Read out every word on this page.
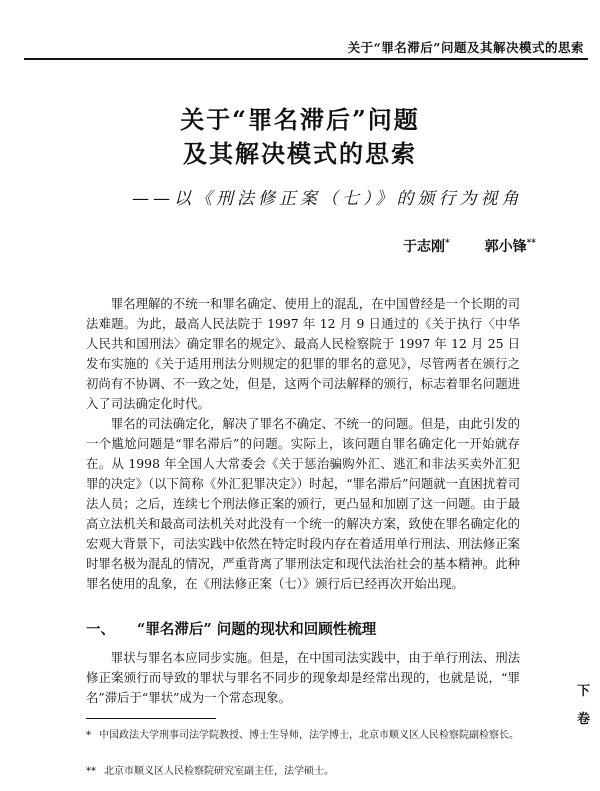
关于“罪名滞后”问题及其解决模式的思索
关于“罪名滞后”问题
及其解决模式的思索
——以《刑法修正案（七）》的颁行为视角
于志刚* 郭小锋**

罪名理解的不统一和罪名确定、使用上的混乱，在中国曾经是一个长期的司法难题。为此，最高人民法院于 1997 年 12 月 9 日通过的《关于执行〈中华人民共和国刑法〉确定罪名的规定》、最高人民检察院于 1997 年 12 月 25 日发布实施的《关于适用刑法分则规定的犯罪的罪名的意见》，尽管两者在颁行之初尚有不协调、不一致之处，但是，这两个司法解释的颁行，标志着罪名问题进入了司法确定化时代。

罪名的司法确定化，解决了罪名不确定、不统一的问题。但是，由此引发的一个尴尬问题是“罪名滞后”的问题。实际上，该问题自罪名确定化一开始就存在。从 1998 年全国人大常委会《关于惩治骗购外汇、逃汇和非法买卖外汇犯罪的决定》（以下简称《外汇犯罪决定》）时起，“罪名滞后”问题就一直困扰着司法人员；之后，连续七个刑法修正案的颁行，更凸显和加剧了这一问题。由于最高立法机关和最高司法机关对此没有一个统一的解决方案，致使在罪名确定化的宏观大背景下，司法实践中依然在特定时段内存在着适用单行刑法、刑法修正案时罪名极为混乱的情况，严重背离了罪刑法定和现代法治社会的基本精神。此种罪名使用的乱象，在《刑法修正案（七）》颁行后已经再次开始出现。

一、 “罪名滞后” 问题的现状和回顾性梳理

罪状与罪名本应同步实施。但是，在中国司法实践中，由于单行刑法、刑法修正案颁行而导致的罪状与罪名不同步的现象却是经常出现的，也就是说，“罪名”滞后于“罪状”成为一个常态现象。	下
卷

* 中国政法大学刑事司法学院教授、博士生导师，法学博士，北京市顺义区人民检察院副检察长。

** 北京市顺义区人民检察院研究室副主任，法学硕士。
